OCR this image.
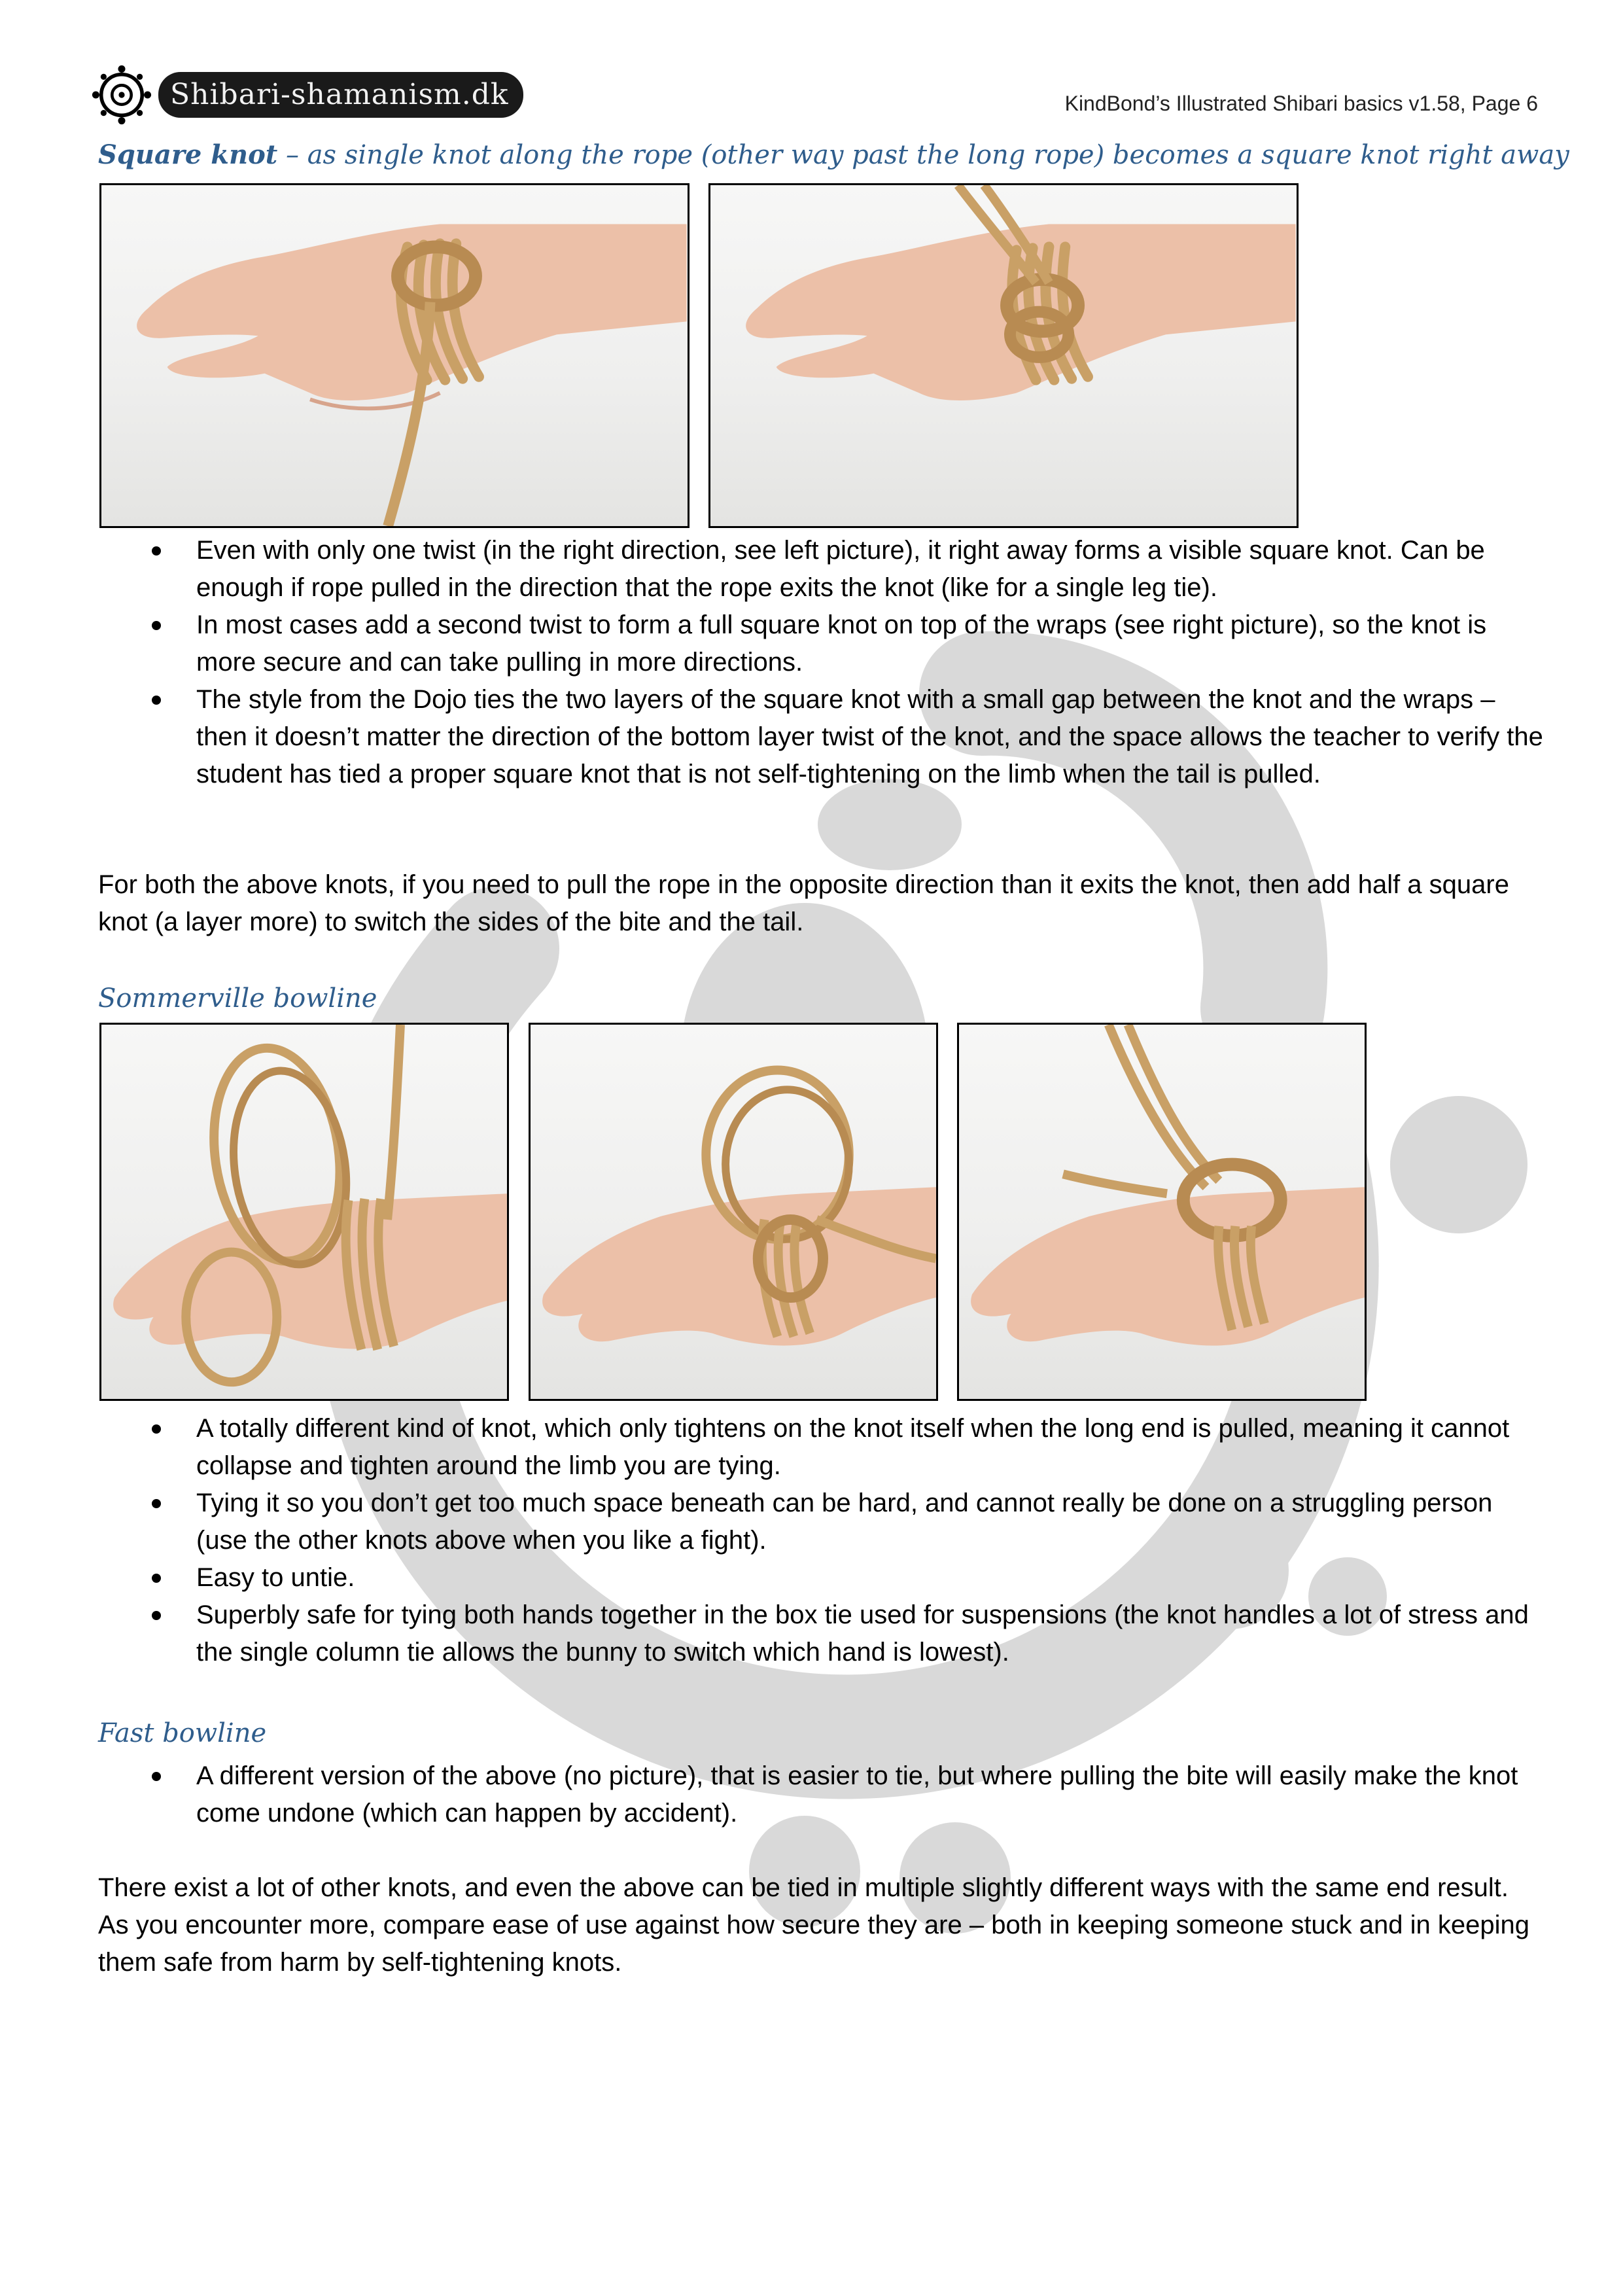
Shibari-shamanism.dk	KindBond’s Illustrated Shibari basics v1.58, Page 6
Square knot – as single knot along the rope (other way past the long rope) becomes a square knot right away
Even with only one twist (in the right direction, see left picture), it right away forms a visible square knot. Can be enough if rope pulled in the direction that the rope exits the knot (like for a single leg tie).
In most cases add a second twist to form a full square knot on top of the wraps (see right picture), so the knot is more secure and can take pulling in more directions.
The style from the Dojo ties the two layers of the square knot with a small gap between the knot and the wraps – then it doesn’t matter the direction of the bottom layer twist of the knot, and the space allows the teacher to verify the student has tied a proper square knot that is not self-tightening on the limb when the tail is pulled.

For both the above knots, if you need to pull the rope in the opposite direction than it exits the knot, then add half a square knot (a layer more) to switch the sides of the bite and the tail.

Sommerville bowline
A totally different kind of knot, which only tightens on the knot itself when the long end is pulled, meaning it cannot collapse and tighten around the limb you are tying.
Tying it so you don’t get too much space beneath can be hard, and cannot really be done on a struggling person (use the other knots above when you like a fight).
Easy to untie.
Superbly safe for tying both hands together in the box tie used for suspensions (the knot handles a lot of stress and the single column tie allows the bunny to switch which hand is lowest).
Fast bowline
A different version of the above (no picture), that is easier to tie, but where pulling the bite will easily make the knot come undone (which can happen by accident).

There exist a lot of other knots, and even the above can be tied in multiple slightly different ways with the same end result. As you encounter more, compare ease of use against how secure they are – both in keeping someone stuck and in keeping them safe from harm by self-tightening knots.
